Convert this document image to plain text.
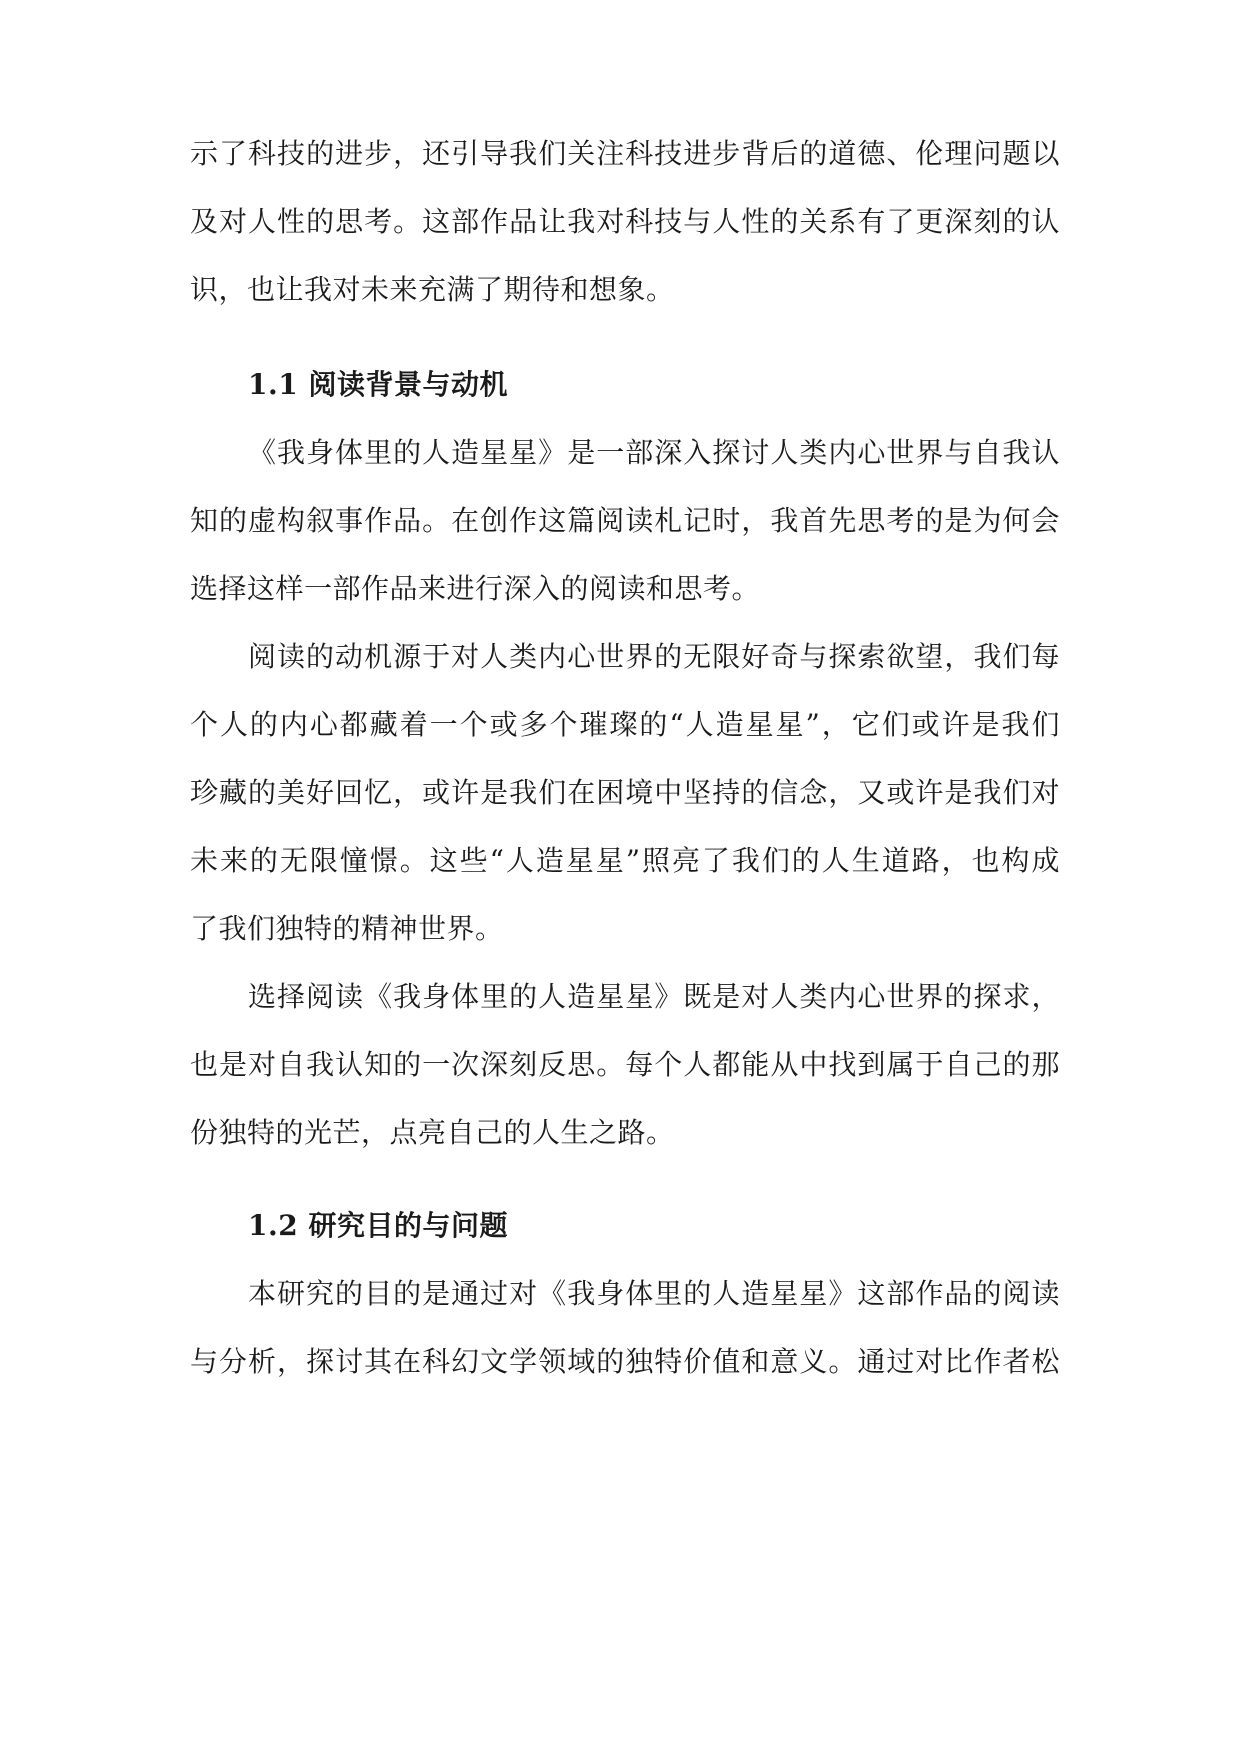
示了科技的进步，还引导我们关注科技进步背后的道德、伦理问题以
及对人性的思考。这部作品让我对科技与人性的关系有了更深刻的认
识，也让我对未来充满了期待和想象。
1.1 阅读背景与动机
《我身体里的人造星星》是一部深入探讨人类内心世界与自我认
知的虚构叙事作品。在创作这篇阅读札记时，我首先思考的是为何会
选择这样一部作品来进行深入的阅读和思考。
阅读的动机源于对人类内心世界的无限好奇与探索欲望，我们每
个人的内心都藏着一个或多个璀璨的“人造星星”，它们或许是我们
珍藏的美好回忆，或许是我们在困境中坚持的信念，又或许是我们对
未来的无限憧憬。这些“人造星星”照亮了我们的人生道路，也构成
了我们独特的精神世界。
选择阅读《我身体里的人造星星》既是对人类内心世界的探求，
也是对自我认知的一次深刻反思。每个人都能从中找到属于自己的那
份独特的光芒，点亮自己的人生之路。
1.2 研究目的与问题
本研究的目的是通过对《我身体里的人造星星》这部作品的阅读
与分析，探讨其在科幻文学领域的独特价值和意义。通过对比作者松
